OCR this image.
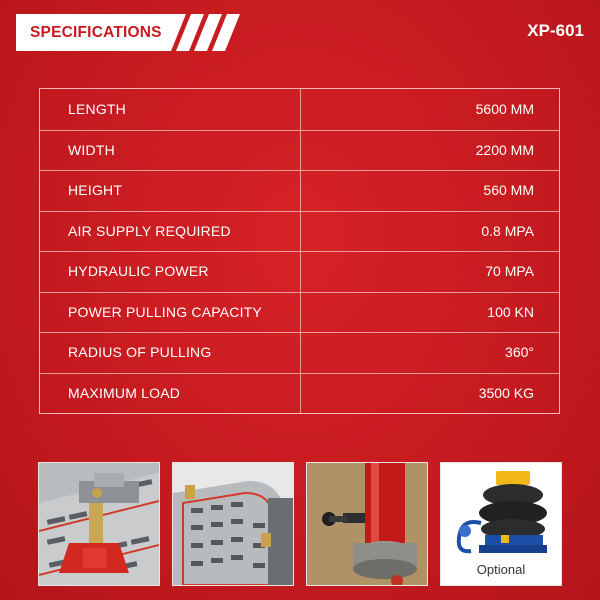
SPECIFICATIONS	XP-601
LENGTH	5600 MM
WIDTH	2200 MM
HEIGHT	560 MM
AIR SUPPLY REQUIRED	0.8 MPA
HYDRAULIC POWER	70 MPA
POWER PULLING CAPACITY	100 KN
RADIUS OF PULLING	360°
MAXIMUM LOAD	3500 KG
Optional
